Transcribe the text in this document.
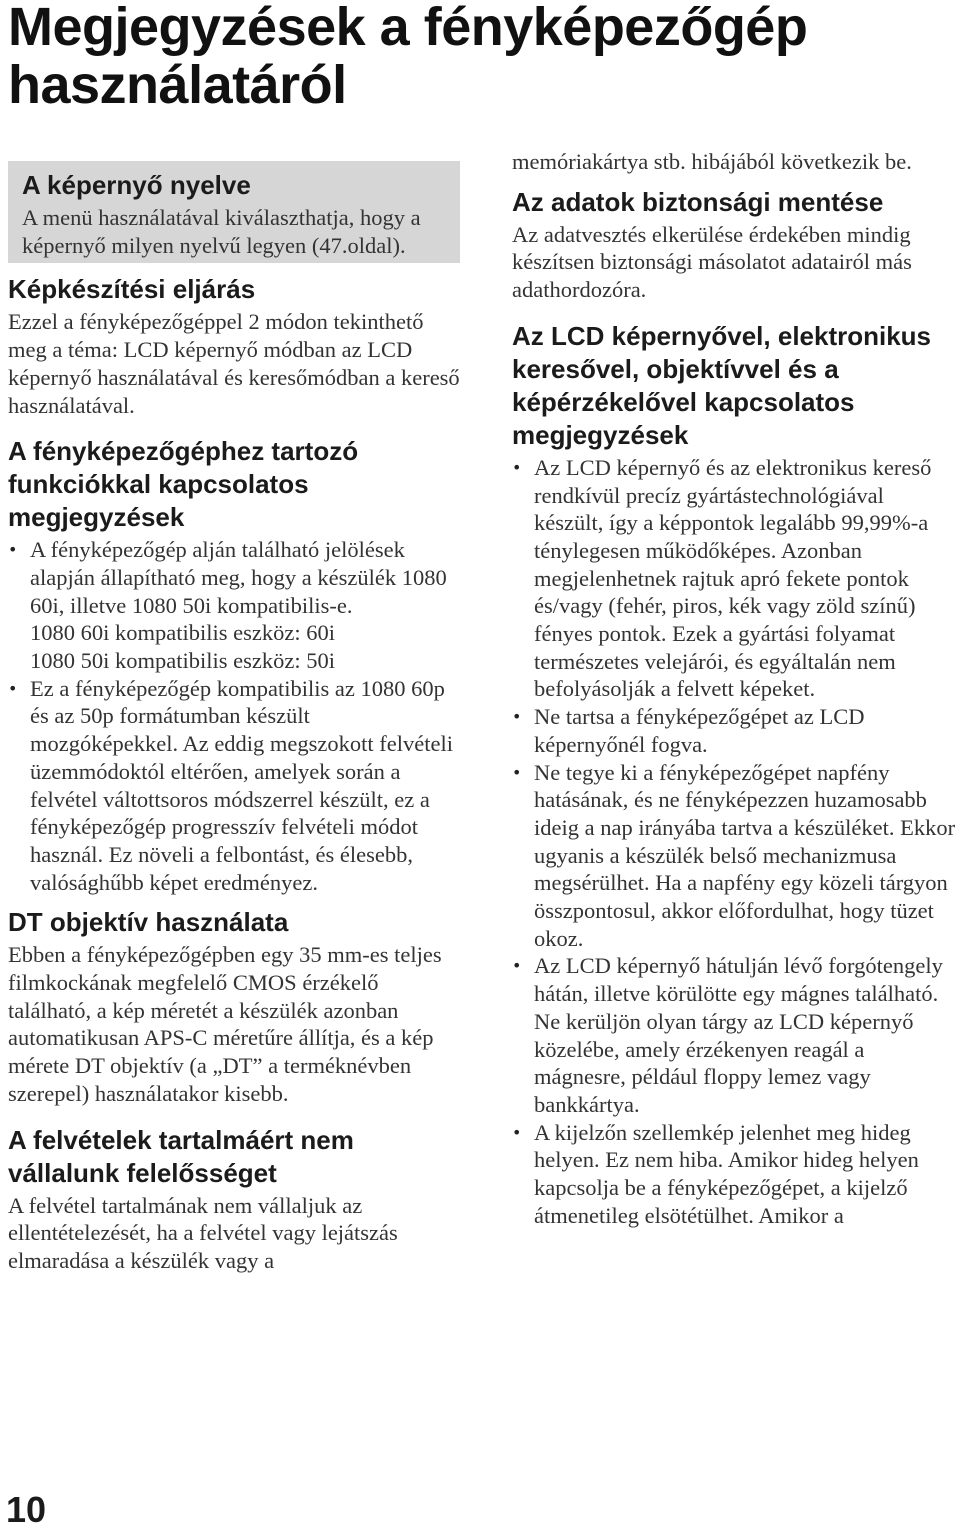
Megjegyzések a fényképezőgép használatáról
A képernyő nyelve

A menü használatával kiválaszthatja, hogy a képernyő milyen nyelvű legyen (47.oldal).

Képkészítési eljárás

Ezzel a fényképezőgéppel 2 módon tekinthető meg a téma: LCD képernyő módban az LCD képernyő használatával és keresőmódban a kereső használatával.

A fényképezőgéphez tartozó funkciókkal kapcsolatos megjegyzések
• A fényképezőgép alján található jelölések alapján állapítható meg, hogy a készülék 1080 60i, illetve 1080 50i kompatibilis-e.

1080 60i kompatibilis eszköz: 60i

1080 50i kompatibilis eszköz: 50i

• Ez a fényképezőgép kompatibilis az 1080 60p és az 50p formátumban készült mozgóképekkel. Az eddig megszokott felvételi üzemmódoktól eltérően, amelyek során a felvétel váltottsoros módszerrel készült, ez a fényképezőgép progresszív felvételi módot használ. Ez növeli a felbontást, és élesebb, valósághűbb képet eredményez.
DT objektív használata

Ebben a fényképezőgépben egy 35 mm-es teljes filmkockának megfelelő CMOS érzékelő található, a kép méretét a készülék azonban automatikusan APS-C méretűre állítja, és a kép mérete DT objektív (a „DT” a terméknévben szerepel) használatakor kisebb.

A felvételek tartalmáért nem vállalunk felelősséget

A felvétel tartalmának nem vállaljuk az ellentételezését, ha a felvétel vagy lejátszás elmaradása a készülék vagy a

memóriakártya stb. hibájából következik be.

Az adatok biztonsági mentése

Az adatvesztés elkerülése érdekében mindig készítsen biztonsági másolatot adatairól más adathordozóra.

Az LCD képernyővel, elektronikus keresővel, objektívvel és a képérzékelővel kapcsolatos megjegyzések
• Az LCD képernyő és az elektronikus kereső rendkívül precíz gyártástechnológiával készült, így a képpontok legalább 99,99%-a ténylegesen működőképes. Azonban megjelenhetnek rajtuk apró fekete pontok és/vagy (fehér, piros, kék vagy zöld színű) fényes pontok. Ezek a gyártási folyamat természetes velejárói, és egyáltalán nem befolyásolják a felvett képeket.
• Ne tartsa a fényképezőgépet az LCD képernyőnél fogva.
• Ne tegye ki a fényképezőgépet napfény hatásának, és ne fényképezzen huzamosabb ideig a nap irányába tartva a készüléket. Ekkor ugyanis a készülék belső mechanizmusa megsérülhet. Ha a napfény egy közeli tárgyon összpontosul, akkor előfordulhat, hogy tüzet okoz.
• Az LCD képernyő hátulján lévő forgótengely hátán, illetve körülötte egy mágnes található. Ne kerüljön olyan tárgy az LCD képernyő közelébe, amely érzékenyen reagál a mágnesre, például floppy lemez vagy bankkártya.
• A kijelzőn szellemkép jelenhet meg hideg helyen. Ez nem hiba. Amikor hideg helyen kapcsolja be a fényképezőgépet, a kijelző átmenetileg elsötétülhet. Amikor a
10
